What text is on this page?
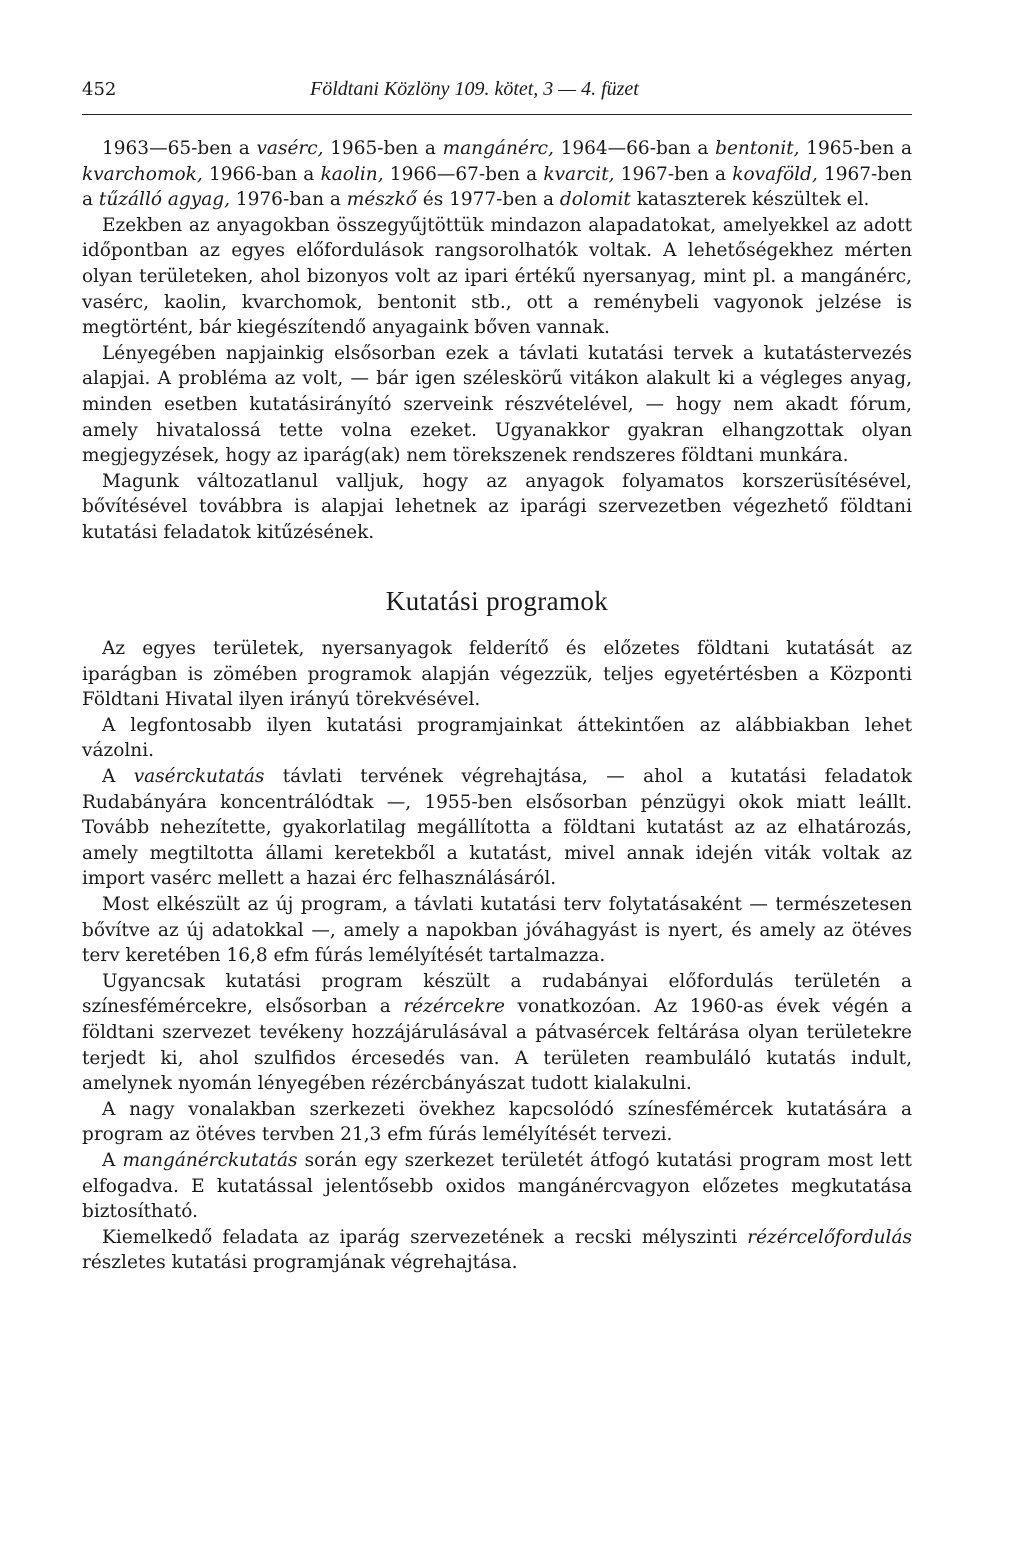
452	Földtani Közlöny 109. kötet, 3 — 4. füzet

1963—65-ben a vasérc, 1965-ben a mangánérc, 1964—66-ban a bentonit, 1965-ben a kvarchomok, 1966-ban a kaolin, 1966—67-ben a kvarcit, 1967-ben a kovaföld, 1967-ben a tűzálló agyag, 1976-ban a mészkő és 1977-ben a dolomit kataszterek készültek el.

Ezekben az anyagokban összegyűjtöttük mindazon alapadatokat, amelyekkel az adott időpontban az egyes előfordulások rangsorolhatók voltak. A lehetőségekhez mérten olyan területeken, ahol bizonyos volt az ipari értékű nyersanyag, mint pl. a mangánérc, vasérc, kaolin, kvarchomok, bentonit stb., ott a reménybeli vagyonok jelzése is megtörtént, bár kiegészítendő anyagaink bőven vannak.

Lényegében napjainkig elsősorban ezek a távlati kutatási tervek a kutatástervezés alapjai. A probléma az volt, — bár igen széleskörű vitákon alakult ki a végleges anyag, minden esetben kutatásirányító szerveink részvételével, — hogy nem akadt fórum, amely hivatalossá tette volna ezeket. Ugyanakkor gyakran elhangzottak olyan megjegyzések, hogy az iparág(ak) nem törekszenek rendszeres földtani munkára.

Magunk változatlanul valljuk, hogy az anyagok folyamatos korszerüsítésével, bővítésével továbbra is alapjai lehetnek az iparági szervezetben végezhető földtani kutatási feladatok kitűzésének.

Kutatási programok

Az egyes területek, nyersanyagok felderítő és előzetes földtani kutatását az iparágban is zömében programok alapján végezzük, teljes egyetértésben a Központi Földtani Hivatal ilyen irányú törekvésével.

A legfontosabb ilyen kutatási programjainkat áttekintően az alábbiakban lehet vázolni.

A vasérckutatás távlati tervének végrehajtása, — ahol a kutatási feladatok Rudabányára koncentrálódtak —, 1955-ben elsősorban pénzügyi okok miatt leállt. Tovább nehezítette, gyakorlatilag megállította a földtani kutatást az az elhatározás, amely megtiltotta állami keretekből a kutatást, mivel annak idején viták voltak az import vasérc mellett a hazai érc felhasználásáról.

Most elkészült az új program, a távlati kutatási terv folytatásaként — természetesen bővítve az új adatokkal —, amely a napokban jóváhagyást is nyert, és amely az ötéves terv keretében 16,8 efm fúrás lemélyítését tartalmazza.

Ugyancsak kutatási program készült a rudabányai előfordulás területén a színesfémércekre, elsősorban a rézércekre vonatkozóan. Az 1960-as évek végén a földtani szervezet tevékeny hozzájárulásával a pátvasércek feltárása olyan területekre terjedt ki, ahol szulfidos ércesedés van. A területen reambuláló kutatás indult, amelynek nyomán lényegében rézércbányászat tudott kialakulni.

A nagy vonalakban szerkezeti övekhez kapcsolódó színesfémércek kutatására a program az ötéves tervben 21,3 efm fúrás lemélyítését tervezi.

A mangánérckutatás során egy szerkezet területét átfogó kutatási program most lett elfogadva. E kutatással jelentősebb oxidos mangánércvagyon előzetes megkutatása biztosítható.

Kiemelkedő feladata az iparág szervezetének a recski mélyszinti rézércelőfordulás részletes kutatási programjának végrehajtása.
